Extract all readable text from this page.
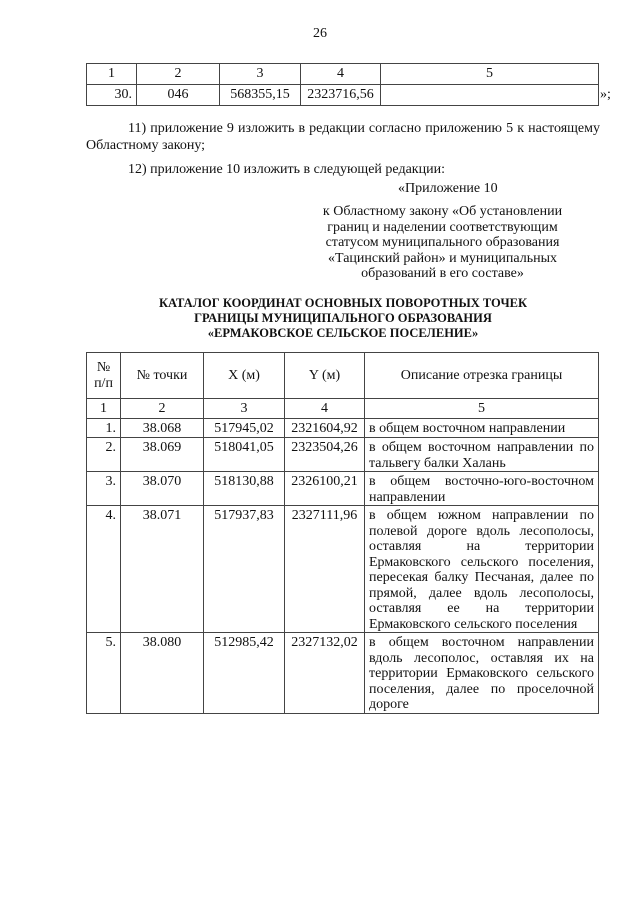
26
1	2	3	4	5
30.	046	568355,15	2323716,56		»;
11) приложение 9 изложить в редакции согласно приложению 5 к настоящему Областному закону;
12) приложение 10 изложить в следующей редакции:
«Приложение 10
к Областному закону «Об установлении
границ и наделении соответствующим
статусом муниципального образования
«Тацинский район» и муниципальных
образований в его составе»
КАТАЛОГ КООРДИНАТ ОСНОВНЫХ ПОВОРОТНЫХ ТОЧЕК
ГРАНИЦЫ МУНИЦИПАЛЬНОГО ОБРАЗОВАНИЯ
«ЕРМАКОВСКОЕ СЕЛЬСКОЕ ПОСЕЛЕНИЕ»
№
п/п	№ точки	X (м)	Y (м)	Описание отрезка границы
1	2	3	4	5
1.	38.068	517945,02	2321604,92	в общем восточном направлении
2.	38.069	518041,05	2323504,26	в общем восточном направлении по тальвегу балки Халань
3.	38.070	518130,88	2326100,21	в общем восточно-юго-восточном направлении
4.	38.071	517937,83	2327111,96	в общем южном направлении по полевой дороге вдоль лесополосы, оставляя на территории Ермаковского сельского поселения, пересекая балку Песчаная, далее по прямой, далее вдоль лесополосы, оставляя ее на территории Ермаковского сельского поселения
5.	38.080	512985,42	2327132,02	в общем восточном направлении вдоль лесополос, оставляя их на территории Ермаковского сельского поселения, далее по проселочной дороге
